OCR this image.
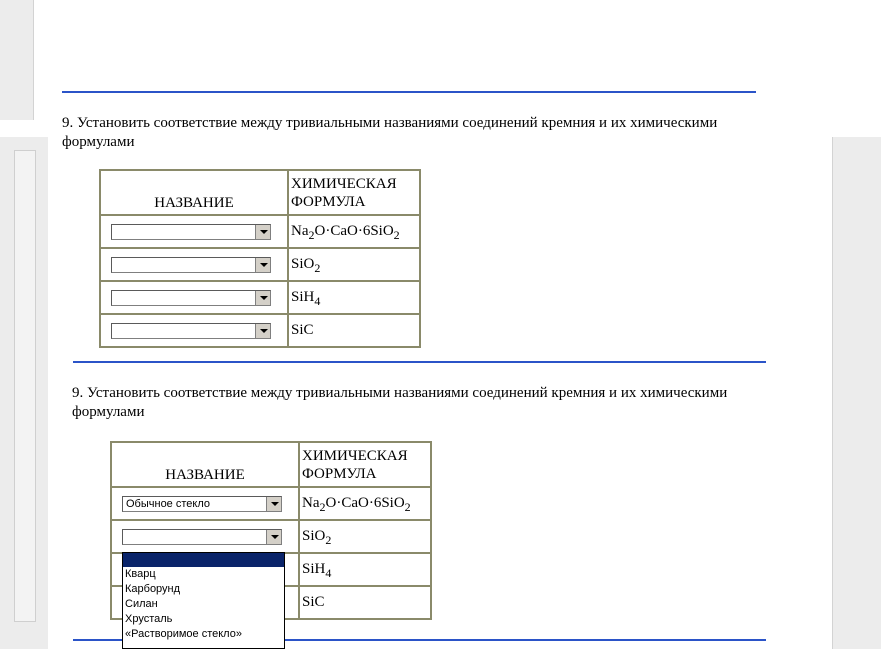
9. Установить соответствие между тривиальными названиями соединений кремния и их химическими формулами
НАЗВАНИЕ	ХИМИЧЕСКАЯ ФОРМУЛА

	$Na_2O\cdot CaO\cdot 6SiO_2$

	SiO$_2$

	SiH$_4$

	SiC
9. Установить соответствие между тривиальными названиями соединений кремния и их химическими формулами
НАЗВАНИЕ	ХИМИЧЕСКАЯ ФОРМУЛА

Обычное стекло	$Na_2O\cdot CaO\cdot 6SiO_2$

	SiO$_2$

	SiH$_4$

	SiC
Кварц
Карборунд
Силан
Хрусталь
«Растворимое стекло»
